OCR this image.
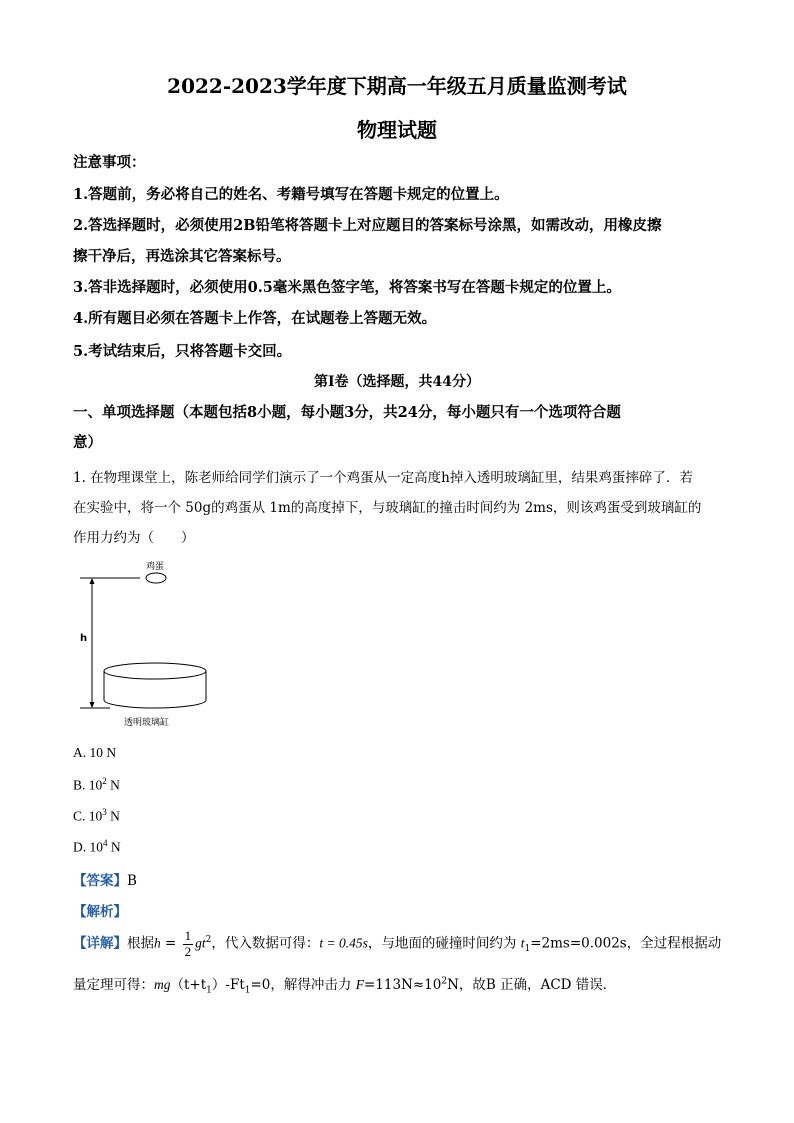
2022-2023学年度下期高一年级五月质量监测考试
物理试题
注意事项：
1.答题前，务必将自己的姓名、考籍号填写在答题卡规定的位置上。
2.答选择题时，必须使用2B铅笔将答题卡上对应题目的答案标号涂黑，如需改动，用橡皮擦
擦干净后，再选涂其它答案标号。
3.答非选择题时，必须使用0.5毫米黑色签字笔，将答案书写在答题卡规定的位置上。
4.所有题目必须在答题卡上作答，在试题卷上答题无效。
5.考试结束后，只将答题卡交回。
第Ⅰ卷（选择题，共44分）
一、单项选择题（本题包括8小题，每小题3分，共24分，每小题只有一个选项符合题
意）
1. 在物理课堂上，陈老师给同学们演示了一个鸡蛋从一定高度h掉入透明玻璃缸里，结果鸡蛋摔碎了．若
在实验中，将一个 50g的鸡蛋从 1m的高度掉下，与玻璃缸的撞击时间约为 2ms，则该鸡蛋受到玻璃缸的
作用力约为（　　）
鸡蛋
h
透明玻璃缸
A. 10 N
B. $10^2$ N
C. $10^3$ N
D. $10^4$ N
【答案】B
【解析】
【详解】根据$h = \frac{1}{2} gt^2$，代入数据可得：t = 0.45s，与地面的碰撞时间约为 $t_1=2ms=0.002s$，全过程根据动
量定理可得：$mg(t+t_1)-Ft_1=0$，解得冲击力 $F=113N\approx 10^2N$，故B 正确，ACD 错误．
